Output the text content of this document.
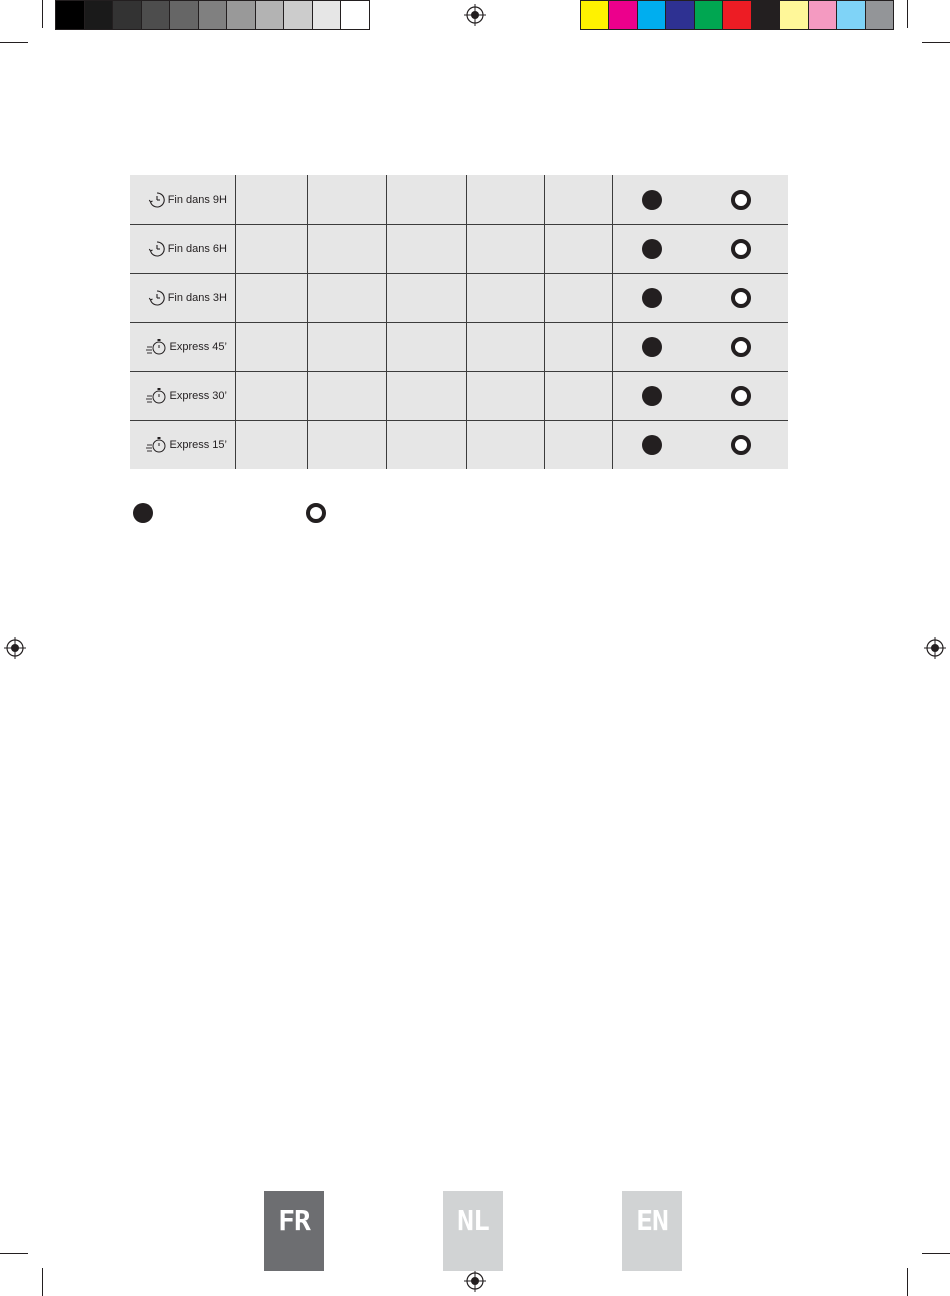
Fin dans 9H
Fin dans 6H
Fin dans 3H
Express 45’
Express 30’
Express 15’
FR	NL	EN
